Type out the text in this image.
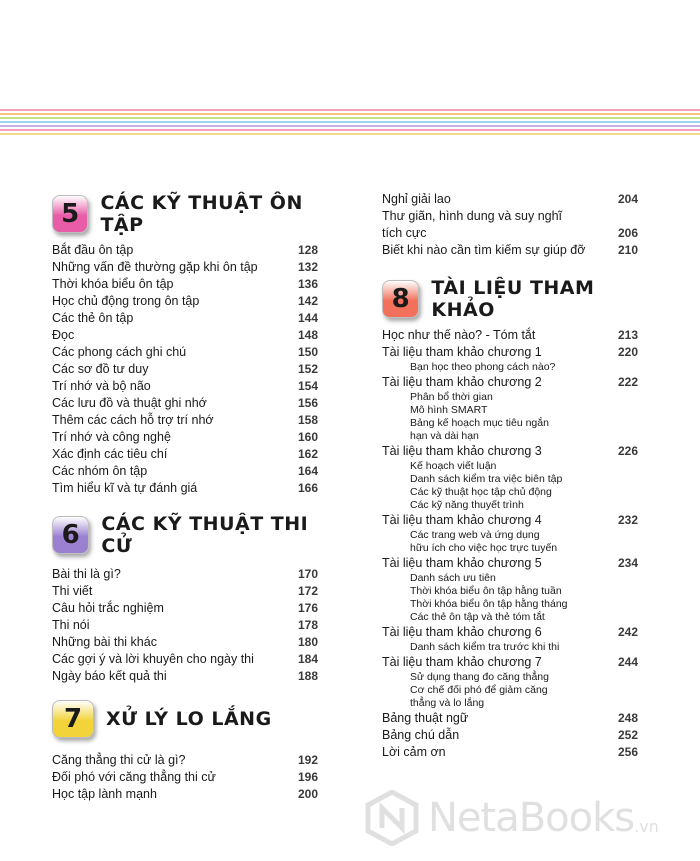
5 CÁC KỸ THUẬT ÔN TẬP
Bắt đầu ôn tập	128
Những vấn đề thường gặp khi ôn tập	132
Thời khóa biểu ôn tập	136
Học chủ động trong ôn tập	142
Các thẻ ôn tập	144
Đọc	148
Các phong cách ghi chú	150
Các sơ đồ tư duy	152
Trí nhớ và bộ não	154
Các lưu đồ và thuật ghi nhớ	156
Thêm các cách hỗ trợ trí nhớ	158
Trí nhớ và công nghệ	160
Xác định các tiêu chí	162
Các nhóm ôn tập	164
Tìm hiểu kĩ và tự đánh giá	166
6 CÁC KỸ THUẬT THI CỬ
Bài thi là gì?	170
Thi viết	172
Câu hỏi trắc nghiệm	176
Thi nói	178
Những bài thi khác	180
Các gợi ý và lời khuyên cho ngày thi	184
Ngày báo kết quả thi	188
7 XỬ LÝ LO LẮNG
Căng thẳng thi cử là gì?	192
Đối phó với căng thẳng thi cử	196
Học tập lành mạnh	200
Nghỉ giải lao	204
Thư giãn, hình dung và suy nghĩ
tích cực	206
Biết khi nào cần tìm kiếm sự giúp đỡ	210
8 TÀI LIỆU THAM KHẢO
Học như thế nào? - Tóm tắt	213
Tài liệu tham khảo chương 1	220
Bạn học theo phong cách nào?
Tài liệu tham khảo chương 2	222
Phân bổ thời gian
Mô hình SMART
Bảng kế hoạch mục tiêu ngắn
hạn và dài hạn
Tài liệu tham khảo chương 3	226
Kế hoạch viết luận
Danh sách kiểm tra việc biên tập
Các kỹ thuật học tập chủ động
Các kỹ năng thuyết trình
Tài liệu tham khảo chương 4	232
Các trang web và ứng dụng
hữu ích cho việc học trực tuyến
Tài liệu tham khảo chương 5	234
Danh sách ưu tiên
Thời khóa biểu ôn tập hằng tuần
Thời khóa biểu ôn tập hằng tháng
Các thẻ ôn tập và thẻ tóm tắt
Tài liệu tham khảo chương 6	242
Danh sách kiểm tra trước khi thi
Tài liệu tham khảo chương 7	244
Sử dụng thang đo căng thẳng
Cơ chế đối phó để giảm căng
thẳng và lo lắng
Bảng thuật ngữ	248
Bảng chú dẫn	252
Lời cảm ơn	256
NetaBooks .vn
